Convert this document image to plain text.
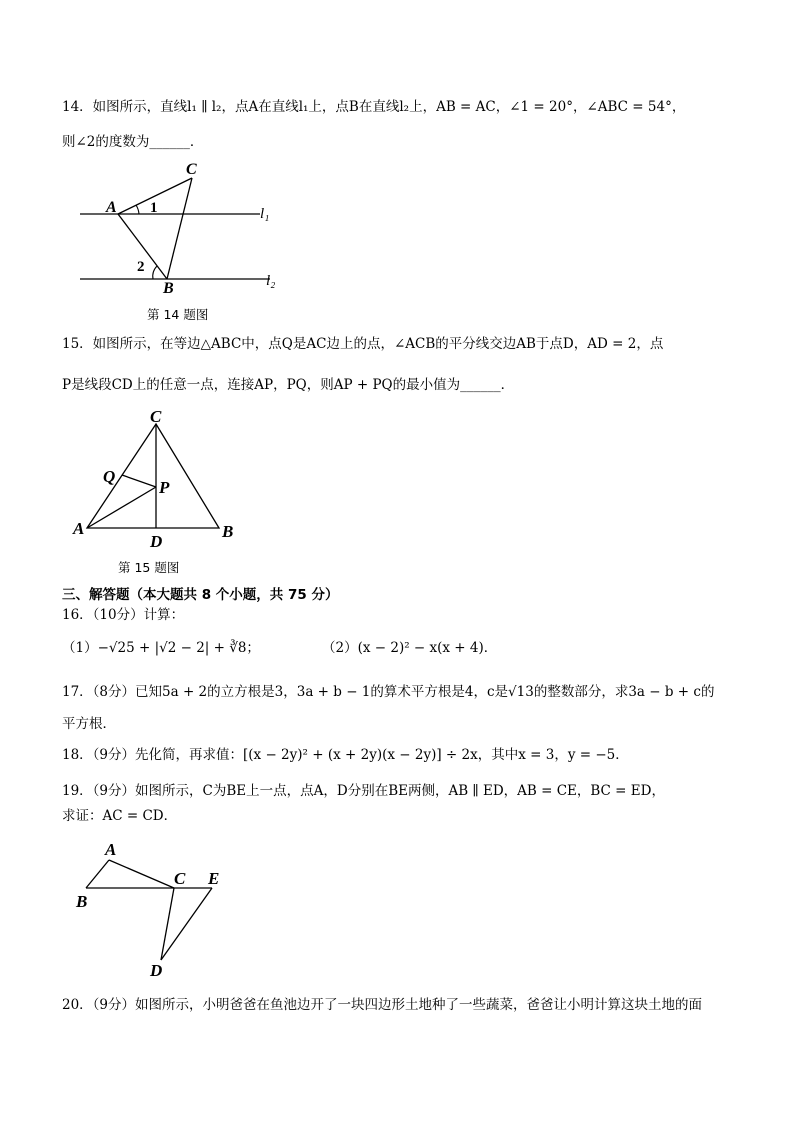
14．如图所示，直线l₁ ∥ l₂，点A在直线l₁上，点B在直线l₂上，AB = AC，∠1 = 20°，∠ABC = 54°，
则∠2的度数为______．
A
C
B
1
2
l₁
l₂
第 14 题图
15．如图所示，在等边△ABC中，点Q是AC边上的点，∠ACB的平分线交边AB于点D，AD = 2，点
P是线段CD上的任意一点，连接AP，PQ，则AP + PQ的最小值为______．
C
Q
P
A
D
B
第 15 题图
三、解答题（本大题共 8 个小题，共 75 分）
16．（10分）计算：
（1）−√25 + |√2 − 2| + ∛8；	（2）(x − 2)² − x(x + 4)．
17．（8分）已知5a + 2的立方根是3，3a + b − 1的算术平方根是4，c是√13的整数部分，求3a − b + c的
平方根．
18．（9分）先化简，再求值：[(x − 2y)² + (x + 2y)(x − 2y)] ÷ 2x，其中x = 3，y = −5．
19．（9分）如图所示，C为BE上一点，点A，D分别在BE两侧，AB ∥ ED，AB = CE，BC = ED，
求证：AC = CD．
A
B
C E
D
20．（9分）如图所示，小明爸爸在鱼池边开了一块四边形土地种了一些蔬菜，爸爸让小明计算这块土地的面
